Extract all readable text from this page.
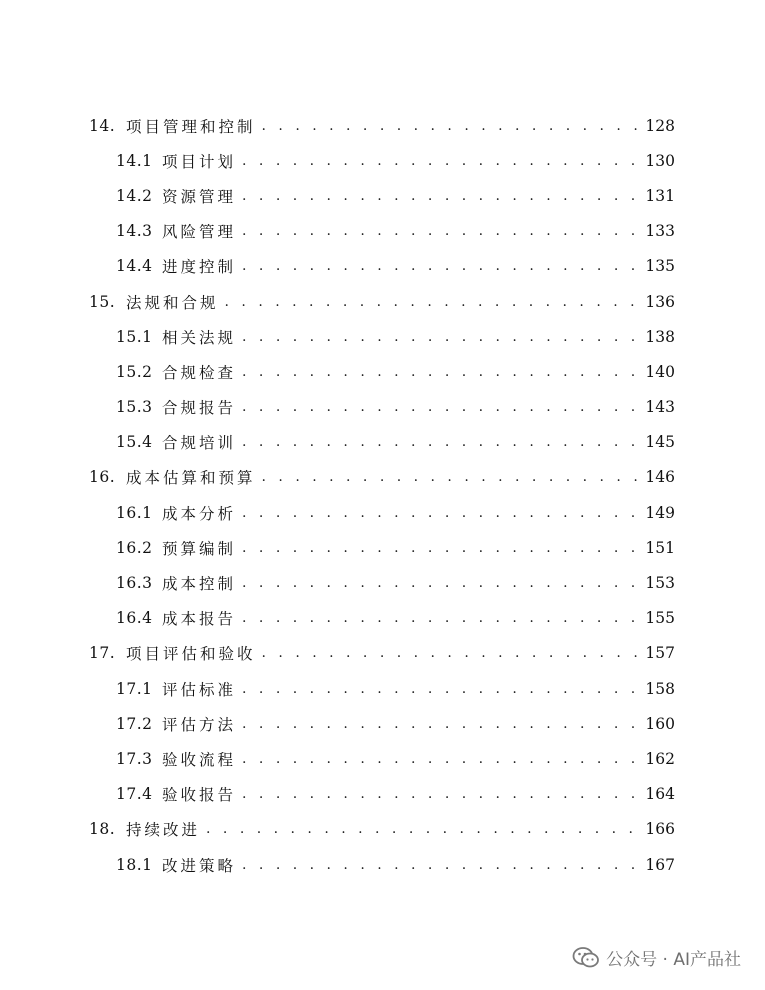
14. 项目管理和控制 . . .	128
14.1 项目计划 . . .	130
14.2 资源管理 . . .	131
14.3 风险管理 . . .	133
14.4 进度控制 . . .	135
15. 法规和合规 . . .	136
15.1 相关法规 . . .	138
15.2 合规检查 . . .	140
15.3 合规报告 . . .	143
15.4 合规培训 . . .	145
16. 成本估算和预算 . . .	146
16.1 成本分析 . . .	149
16.2 预算编制 . . .	151
16.3 成本控制 . . .	153
16.4 成本报告 . . .	155
17. 项目评估和验收 . . .	157
17.1 评估标准 . . .	158
17.2 评估方法 . . .	160
17.3 验收流程 . . .	162
17.4 验收报告 . . .	164
18. 持续改进 . . .	166
18.1 改进策略 . . .	167
公众号 · AI产品社
